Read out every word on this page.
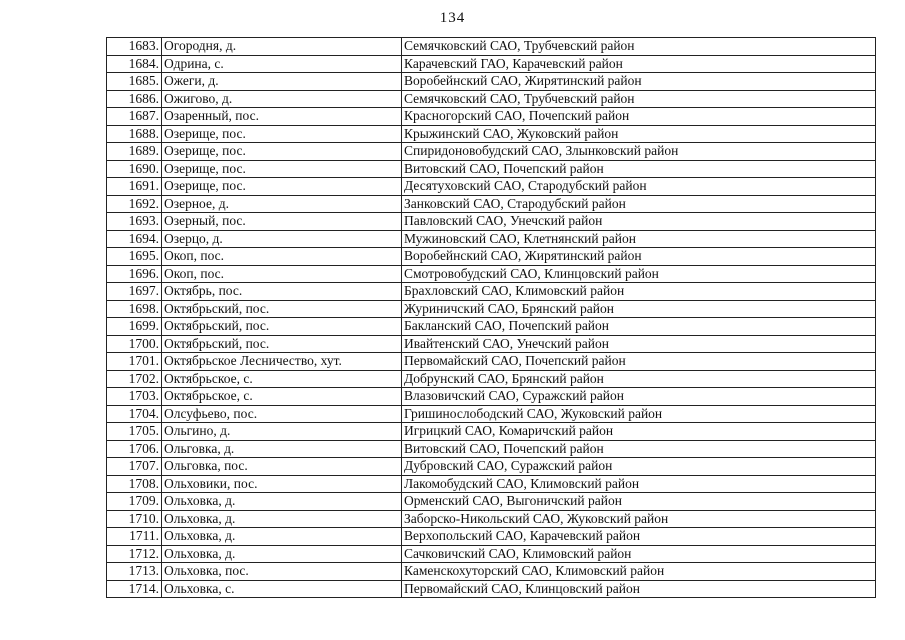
134
1683.	Огородня, д.	Семячковский САО, Трубчевский район
1684.	Одрина, с.	Карачевский ГАО, Карачевский район
1685.	Ожеги, д.	Воробейнский САО, Жирятинский район
1686.	Ожигово, д.	Семячковский САО, Трубчевский район
1687.	Озаренный, пос.	Красногорский САО, Почепский район
1688.	Озерище, пос.	Крыжинский САО, Жуковский район
1689.	Озерище, пос.	Спиридоновобудский САО, Злынковский район
1690.	Озерище, пос.	Витовский САО, Почепский район
1691.	Озерище, пос.	Десятуховский САО, Стародубский район
1692.	Озерное, д.	Занковский САО, Стародубский район
1693.	Озерный, пос.	Павловский САО, Унечский район
1694.	Озерцо, д.	Мужиновский САО, Клетнянский район
1695.	Окоп, пос.	Воробейнский САО, Жирятинский район
1696.	Окоп, пос.	Смотровобудский САО, Клинцовский район
1697.	Октябрь, пос.	Брахловский САО, Климовский район
1698.	Октябрьский, пос.	Журиничский САО, Брянский район
1699.	Октябрьский, пос.	Бакланский САО, Почепский район
1700.	Октябрьский, пос.	Ивайтенский САО, Унечский район
1701.	Октябрьское Лесничество, хут.	Первомайский САО, Почепский район
1702.	Октябрьское, с.	Добрунский САО, Брянский район
1703.	Октябрьское, с.	Влазовичский САО, Суражский район
1704.	Олсуфьево, пос.	Гришинослободский САО, Жуковский район
1705.	Ольгино, д.	Игрицкий САО, Комаричский район
1706.	Ольговка, д.	Витовский САО, Почепский район
1707.	Ольговка, пос.	Дубровский САО, Суражский район
1708.	Ольховики, пос.	Лакомобудский САО, Климовский район
1709.	Ольховка, д.	Орменский САО, Выгоничский район
1710.	Ольховка, д.	Заборско-Никольский САО, Жуковский район
1711.	Ольховка, д.	Верхопольский САО, Карачевский район
1712.	Ольховка, д.	Сачковичский САО, Климовский район
1713.	Ольховка, пос.	Каменскохуторский САО, Климовский район
1714.	Ольховка, с.	Первомайский САО, Клинцовский район
